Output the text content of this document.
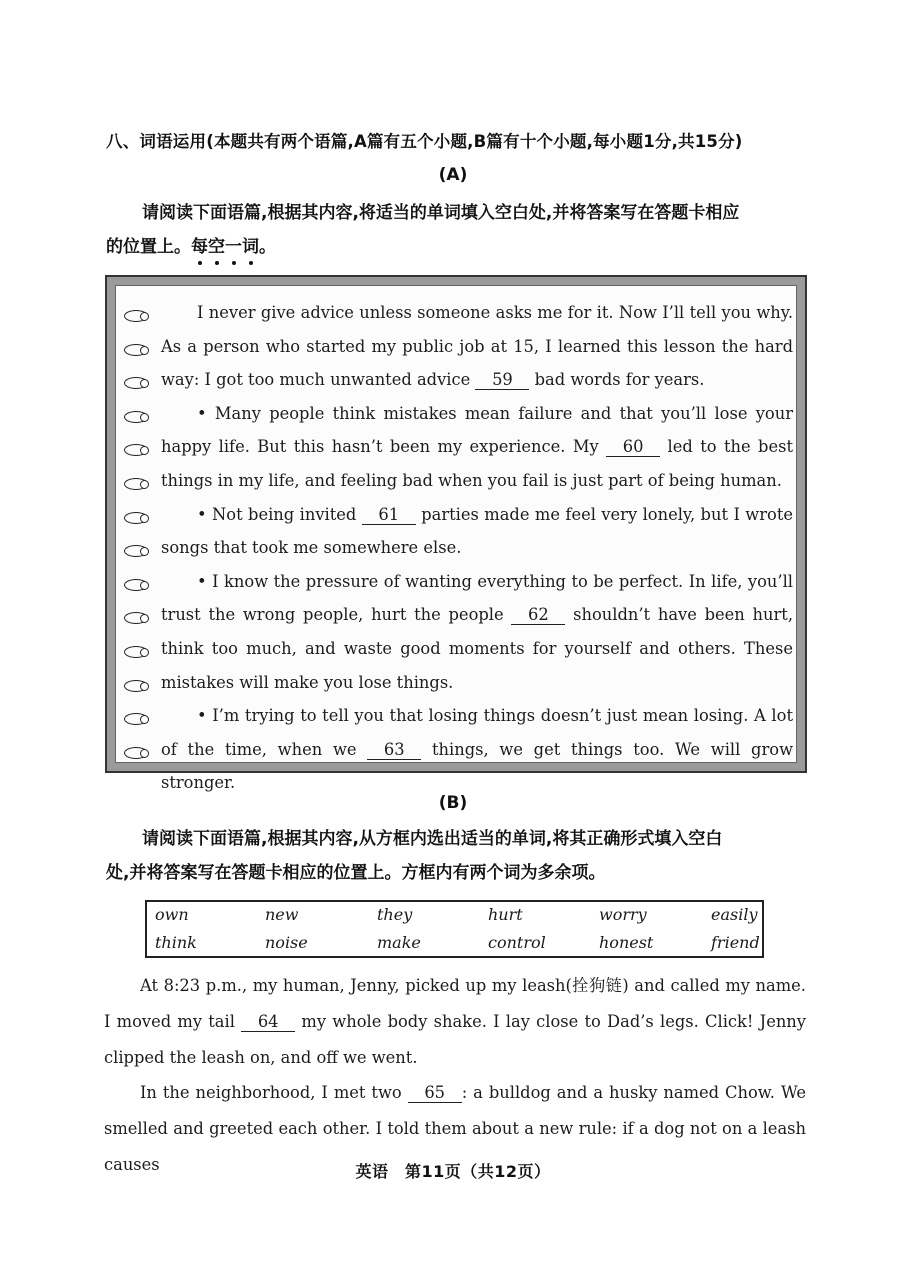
八、词语运用(本题共有两个语篇,A篇有五个小题,B篇有十个小题,每小题1分,共15分)
(A)
请阅读下面语篇,根据其内容,将适当的单词填入空白处,并将答案写在答题卡相应
的位置上。每
空
一
词
。

I never give advice unless someone asks me for it. Now I’ll tell you why. As a person who started my public job at 15, I learned this lesson the hard way: I got too much unwanted advice 59 bad words for years.

• Many people think mistakes mean failure and that you’ll lose your happy life. But this hasn’t been my experience. My 60 led to the best things in my life, and feeling bad when you fail is just part of being human.

• Not being invited 61 parties made me feel very lonely, but I wrote songs that took me somewhere else.

• I know the pressure of wanting everything to be perfect. In life, you’ll trust the wrong people, hurt the people 62 shouldn’t have been hurt, think too much, and waste good moments for yourself and others. These mistakes will make you lose things.

• I’m trying to tell you that losing things doesn’t just mean losing. A lot of the time, when we 63 things, we get things too. We will grow stronger.

(B)
请阅读下面语篇,根据其内容,从方框内选出适当的单词,将其正确形式填入空白
处,并将答案写在答题卡相应的位置上。方框内有两个词为多余项。
own	new	they	hurt	worry	easily
think	noise	make	control	honest	friend

At 8:23 p.m., my human, Jenny, picked up my leash(拴狗链) and called my name. I moved my tail 64 my whole body shake. I lay close to Dad’s legs. Click! Jenny clipped the leash on, and off we went.

In the neighborhood, I met two 65 : a bulldog and a husky named Chow. We smelled and greeted each other. I told them about a new rule: if a dog not on a leash causes	英语　第11页（共12页）
